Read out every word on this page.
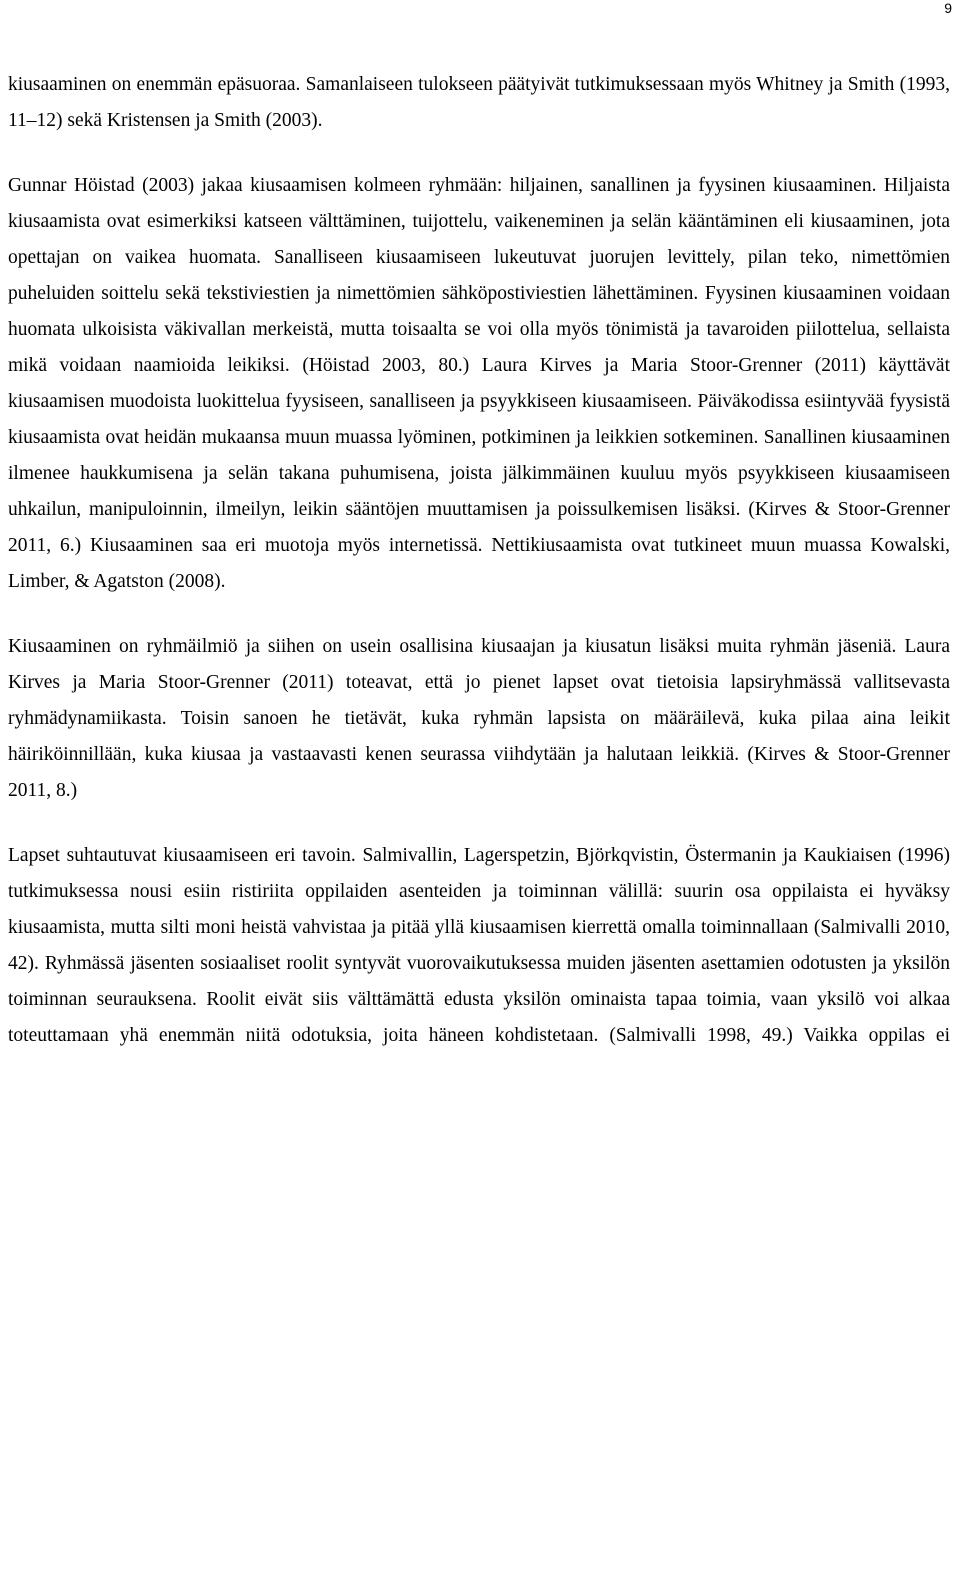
9

kiusaaminen on enemmän epäsuoraa. Samanlaiseen tulokseen päätyivät tutkimuksessaan myös Whitney ja Smith (1993, 11–12) sekä Kristensen ja Smith (2003).

Gunnar Höistad (2003) jakaa kiusaamisen kolmeen ryhmään: hiljainen, sanallinen ja fyysinen kiusaaminen. Hiljaista kiusaamista ovat esimerkiksi katseen välttäminen, tuijottelu, vaikeneminen ja selän kääntäminen eli kiusaaminen, jota opettajan on vaikea huomata. Sanalliseen kiusaamiseen lukeutuvat juorujen levittely, pilan teko, nimettömien puheluiden soittelu sekä tekstiviestien ja nimettömien sähköpostiviestien lähettäminen. Fyysinen kiusaaminen voidaan huomata ulkoisista väkivallan merkeistä, mutta toisaalta se voi olla myös tönimistä ja tavaroiden piilottelua, sellaista mikä voidaan naamioida leikiksi. (Höistad 2003, 80.) Laura Kirves ja Maria Stoor-Grenner (2011) käyttävät kiusaamisen muodoista luokittelua fyysiseen, sanalliseen ja psyykkiseen kiusaamiseen. Päiväkodissa esiintyvää fyysistä kiusaamista ovat heidän mukaansa muun muassa lyöminen, potkiminen ja leikkien sotkeminen. Sanallinen kiusaaminen ilmenee haukkumisena ja selän takana puhumisena, joista jälkimmäinen kuuluu myös psyykkiseen kiusaamiseen uhkailun, manipuloinnin, ilmeilyn, leikin sääntöjen muuttamisen ja poissulkemisen lisäksi. (Kirves & Stoor-Grenner 2011, 6.) Kiusaaminen saa eri muotoja myös internetissä. Nettikiusaamista ovat tutkineet muun muassa Kowalski, Limber, & Agatston (2008).

Kiusaaminen on ryhmäilmiö ja siihen on usein osallisina kiusaajan ja kiusatun lisäksi muita ryhmän jäseniä. Laura Kirves ja Maria Stoor-Grenner (2011) toteavat, että jo pienet lapset ovat tietoisia lapsiryhmässä vallitsevasta ryhmädynamiikasta. Toisin sanoen he tietävät, kuka ryhmän lapsista on määräilevä, kuka pilaa aina leikit häiriköinnillään, kuka kiusaa ja vastaavasti kenen seurassa viihdytään ja halutaan leikkiä. (Kirves & Stoor-Grenner 2011, 8.)

Lapset suhtautuvat kiusaamiseen eri tavoin. Salmivallin, Lagerspetzin, Björkqvistin, Östermanin ja Kaukiaisen (1996) tutkimuksessa nousi esiin ristiriita oppilaiden asenteiden ja toiminnan välillä: suurin osa oppilaista ei hyväksy kiusaamista, mutta silti moni heistä vahvistaa ja pitää yllä kiusaamisen kierrettä omalla toiminnallaan (Salmivalli 2010, 42). Ryhmässä jäsenten sosiaaliset roolit syntyvät vuorovaikutuksessa muiden jäsenten asettamien odotusten ja yksilön toiminnan seurauksena. Roolit eivät siis välttämättä edusta yksilön ominaista tapaa toimia, vaan yksilö voi alkaa toteuttamaan yhä enemmän niitä odotuksia, joita häneen kohdistetaan. (Salmivalli 1998, 49.) Vaikka oppilas ei
